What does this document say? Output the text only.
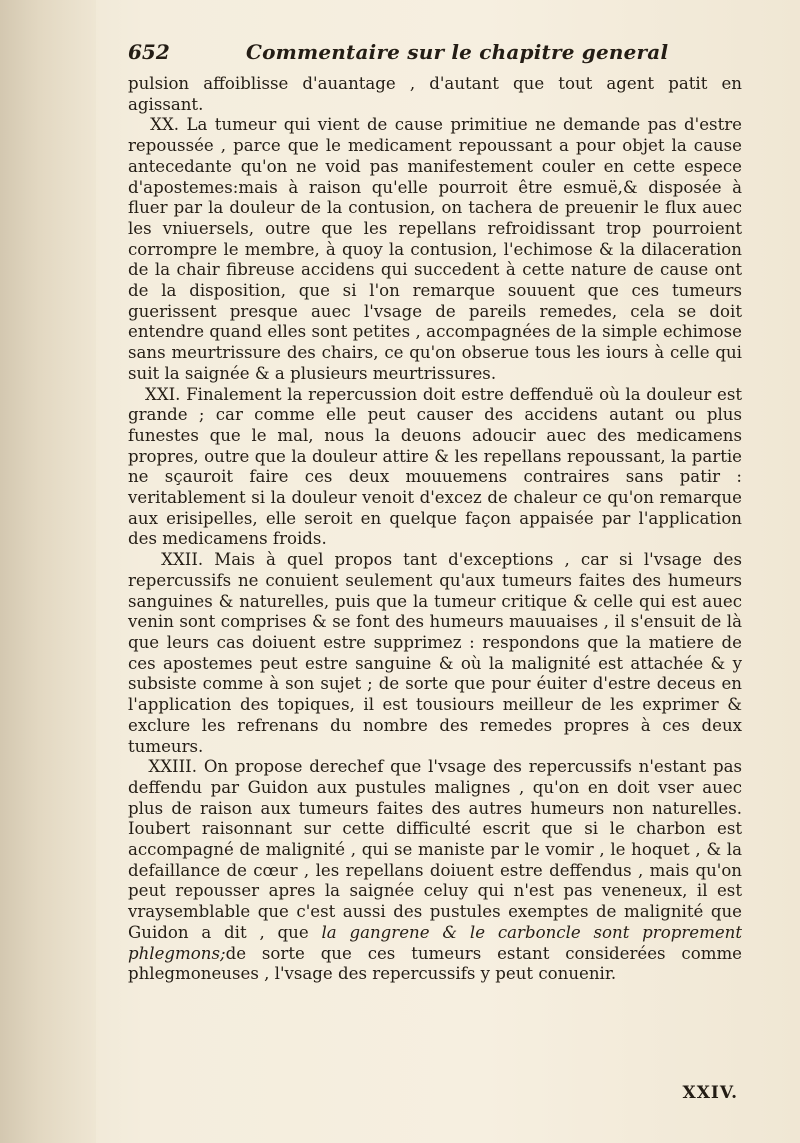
652	Commentaire sur le chapitre general

pulsion affoiblisse d'auantage , d'autant que tout agent patit en agissant.

XX. La tumeur qui vient de cause primitiue ne demande pas d'estre repoussée , parce que le medicament repoussant a pour objet la cause antecedante qu'on ne void pas manifestement couler en cette espece d'apostemes:mais à raison qu'elle pourroit être esmuë,& disposée à fluer par la douleur de la contusion, on tachera de preuenir le flux auec les vniuersels, outre que les repellans refroidissant trop pourroient corrompre le membre, à quoy la contusion, l'echimose & la dilaceration de la chair fibreuse accidens qui succedent à cette nature de cause ont de la disposition, que si l'on remarque souuent que ces tumeurs guerissent presque auec l'vsage de pareils remedes, cela se doit entendre quand elles sont petites , accompagnées de la simple echimose sans meurtrissure des chairs, ce qu'on obserue tous les iours à celle qui suit la saignée & a plusieurs meurtrissures.

XXI. Finalement la repercussion doit estre deffenduë où la douleur est grande ; car comme elle peut causer des accidens autant ou plus funestes que le mal, nous la deuons adoucir auec des medicamens propres, outre que la douleur attire & les repellans repoussant, la partie ne sçauroit faire ces deux mouuemens contraires sans patir : veritablement si la douleur venoit d'excez de chaleur ce qu'on remarque aux erisipelles, elle seroit en quelque façon appaisée par l'application des medicamens froids.

XXII. Mais à quel propos tant d'exceptions , car si l'vsage des repercussifs ne conuient seulement qu'aux tumeurs faites des humeurs sanguines & naturelles, puis que la tumeur critique & celle qui est auec venin sont comprises & se font des humeurs mauuaises , il s'ensuit de là que leurs cas doiuent estre supprimez : respondons que la matiere de ces apostemes peut estre sanguine & où la malignité est attachée & y subsiste comme à son sujet ; de sorte que pour éuiter d'estre deceus en l'application des topiques, il est tousiours meilleur de les exprimer & exclure les refrenans du nombre des remedes propres à ces deux tumeurs.

XXIII. On propose derechef que l'vsage des repercussifs n'estant pas deffendu par Guidon aux pustules malignes , qu'on en doit vser auec plus de raison aux tumeurs faites des autres humeurs non naturelles. Ioubert raisonnant sur cette difficulté escrit que si le charbon est accompagné de malignité , qui se maniste par le vomir , le hoquet , & la defaillance de cœur , les repellans doiuent estre deffendus , mais qu'on peut repousser apres la saignée celuy qui n'est pas veneneux, il est vraysemblable que c'est aussi des pustules exemptes de malignité que Guidon a dit , que la gangrene & le carboncle sont proprement phlegmons;de sorte que ces tumeurs estant considerées comme phlegmoneuses , l'vsage des repercussifs y peut conuenir.

XXIV.
